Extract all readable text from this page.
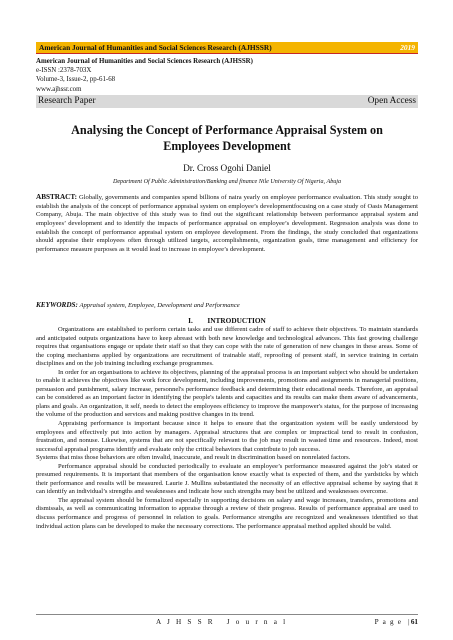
American Journal of Humanities and Social Sciences Research (AJHSSR)	2019
American Journal of Humanities and Social Sciences Research (AJHSSR)
e-ISSN :2378-703X
Volume-3, Issue-2, pp-61-68
www.ajhssr.com
Research Paper	Open Access
Analysing the Concept of Performance Appraisal System on
Employees Development
Dr. Cross Ogohi Daniel
Department Of Public Administration/Banking and finance Nile University Of Nigeria, Abuja
ABSTRACT: Globally, governments and companies spend billions of naira yearly on employee performance evaluation. This study sought to establish the analysis of the concept of performance appraisal system on employee’s developmentfocusing on a case study of Oasis Management Company, Abuja. The main objective of this study was to find out the significant relationship between performance appraisal system and employees’ development and to identify the impacts of performance appraisal on employee’s development. Regression analysis was done to establish the concept of performance appraisal system on employee development. From the findings, the study concluded that organizations should appraise their employees often through utilized targets, accomplishments, organization goals, time management and efficiency for performance measure purposes as it would lead to increase in employee’s development.
KEYWORDS: Appraisal system, Employee, Development and Performance
I.        INTRODUCTION

Organizations are established to perform certain tasks and use different cadre of staff to achieve their objectives. To maintain standards and anticipated outputs organizations have to keep abreast with both new knowledge and technological advances. This fast growing challenge requires that organisations engage or update their staff so that they can cope with the rate of generation of new changes in these areas. Some of the coping mechanisms applied by organizations are recruitment of trainable staff, reproofing of present staff, in service training in certain disciplines and on the job training including exchange programmes.

In order for an organisations to achieve its objectives, planning of the appraisal process is an important subject who should be undertaken to enable it achieves the objectives like work force development, including improvements, promotions and assignments in managerial positions, persuasion and punishment, salary increase, personnel's performance feedback and determining their educational needs. Therefore, an appraisal can be considered as an important factor in identifying the people's talents and capacities and its results can make them aware of advancements, plans and goals. An organization, it self, needs to detect the employees efficiency to improve the manpower's status, for the purpose of increasing the volume of the production and services and making positive changes in its trend.

Appraising performance is important because since it helps to ensure that the organization system will be easily understood by employees and effectively put into action by managers. Appraisal structures that are complex or impractical tend to result in confusion, frustration, and nonuse. Likewise, systems that are not specifically relevant to the job may result in wasted time and resources. Indeed, most successful appraisal programs identify and evaluate only the critical behaviors that contribute to job success.

Systems that miss those behaviors are often invalid, inaccurate, and result in discrimination based on nonrelated factors.

Performance appraisal should be conducted periodically to evaluate an employee’s performance measured against the job’s stated or presumed requirements. It is important that members of the organisation know exactly what is expected of them, and the yardsticks by which their performance and results will be measured. Laurie J. Mullins substantiated the necessity of an effective appraisal scheme by saying that it can identify an individual’s strengths and weaknesses and indicate how such strengths may best be utilized and weaknesses overcome.

The appraisal system should be formalized especially in supporting decisions on salary and wage increases, transfers, promotions and dismissals, as well as communicating information to appraise through a review of their progress. Results of performance appraisal are used to discuss performance and progress of personnel in relation to goals. Performance strengths are recognized and weaknesses identified so that individual action plans can be developed to make the necessary corrections. The performance appraisal method applied should be valid.

A J H S S R   J o u r n a l	P a g e  |61
